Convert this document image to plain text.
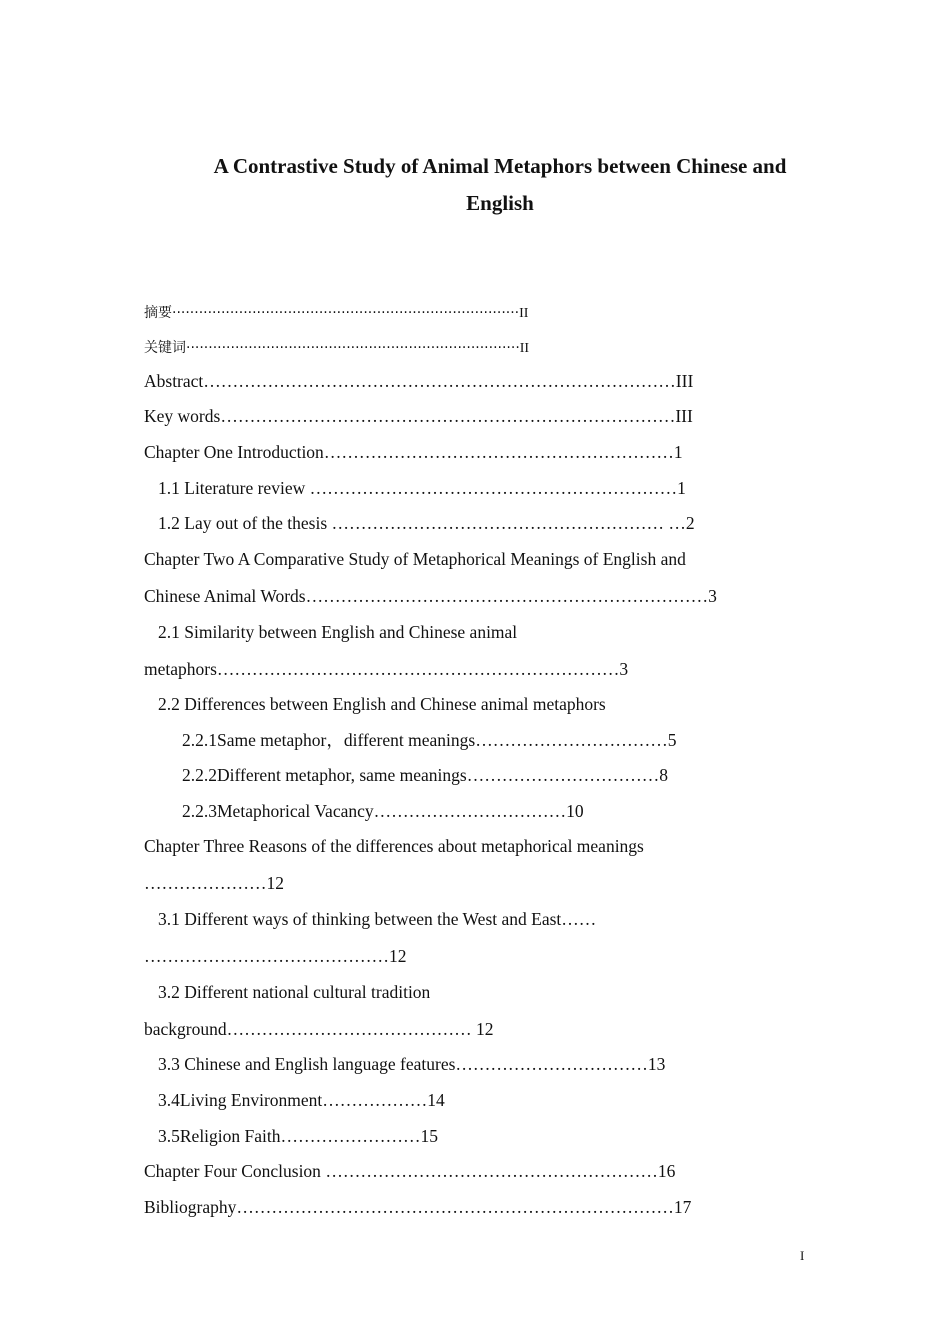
A Contrastive Study of Animal Metaphors between Chinese and
English
摘要··············································································II
关键词···········································································II
Abstract………………………………………………………………………III
Key words……………………………………………………………………III
Chapter One Introduction……………………………………………………1
1.1 Literature review ………………………………………………………1
1.2 Lay out of the thesis ………………………………………………… …2
Chapter Two A Comparative Study of Metaphorical Meanings of English and
Chinese Animal Words……………………………………………………………3
2.1 Similarity between English and Chinese animal
metaphors……………………………………………………………3
2.2 Differences between English and Chinese animal metaphors
2.2.1Same metaphor，different meanings……………………………5
2.2.2Different metaphor, same meanings……………………………8
2.2.3Metaphorical Vacancy……………………………10
Chapter Three Reasons of the differences about metaphorical meanings
…………………12
3.1 Different ways of thinking between the West and East……
……………………………………12
3.2 Different national cultural tradition
background…………………………………… 12
3.3 Chinese and English language features……………………………13
3.4Living Environment………………14
3.5Religion Faith……………………15
Chapter Four Conclusion …………………………………………………16
Bibliography…………………………………………………………………17
I
